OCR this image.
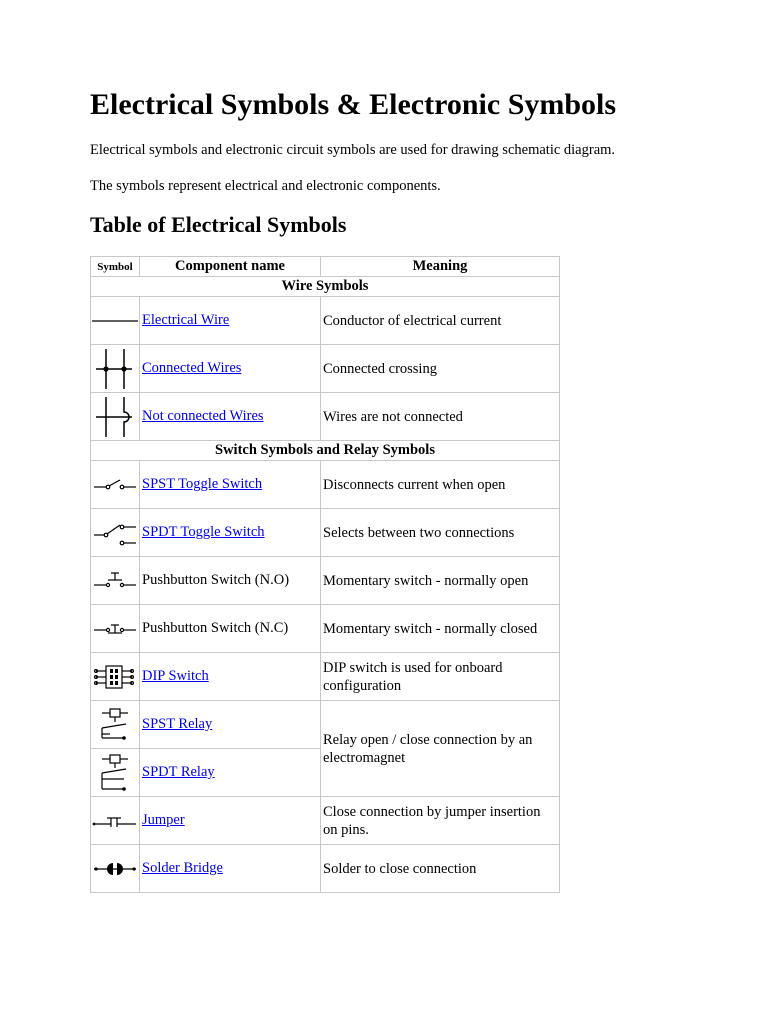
Electrical Symbols & Electronic Symbols

Electrical symbols and electronic circuit symbols are used for drawing schematic diagram.

The symbols represent electrical and electronic components.

Table of Electrical Symbols
Symbol	Component name	Meaning
Wire Symbols		

	Electrical Wire	Conductor of electrical current

	Connected Wires	Connected crossing

	Not connected Wires	Wires are not connected
Switch Symbols and Relay Symbols		

	SPST Toggle Switch	Disconnects current when open

	SPDT Toggle Switch	Selects between two connections

	Pushbutton Switch (N.O)	Momentary switch - normally open

	Pushbutton Switch (N.C)	Momentary switch - normally closed

	DIP Switch	DIP switch is used for onboard configuration

	SPST Relay	Relay open / close connection by an electromagnet

	SPDT Relay	

	Jumper	Close connection by jumper insertion on pins.

	Solder Bridge	Solder to close connection
